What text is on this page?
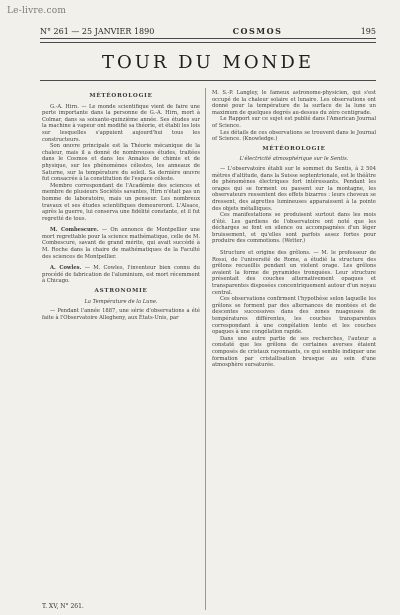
Le-livre.com
N° 261 — 25 JANVIER 1890	COSMOS	195
TOUR DU MONDE
MÉTÉOROLOGIE

G.-A. Hirn. — Le monde scientifique vient de faire une perte importante dans la personne de G.-A. Hirn, mort à Colmar, dans sa soixante-quinzième année. Ses études sur la machine à vapeur ont modifié sa théorie, et établi les lois sur lesquelles s'appuient aujourd'hui tous les constructeurs.

Son œuvre principale est la Théorie mécanique de la chaleur, mais il a donné de nombreuses études, traitées dans le Cosmos et dans les Annales de chimie et de physique, sur les phénomènes célestes, les anneaux de Saturne, sur la température du soleil. Sa dernière œuvre fut consacrée à la constitution de l'espace céleste.

Membre correspondant de l'Académie des sciences et membre de plusieurs Sociétés savantes, Hirn n'était pas un homme de laboratoire, mais un penseur. Les nombreux travaux et ses études scientifiques demeureront. L'Alsace, après la guerre, lui conserva une fidélité constante, et il fut regretté de tous.

M. Combescure. — On annonce de Montpellier une mort regrettable pour la science mathématique, celle de M. Combescure, savant de grand mérite, qui avait succédé à M. Roche dans la chaire de mathématiques de la Faculté des sciences de Montpellier.

A. Cowles. — M. Cowles, l'inventeur bien connu du procédé de fabrication de l'aluminium, est mort récemment à Chicago.

ASTRONOMIE
La Température de la Lune.

— Pendant l'année 1887, une série d'observations a été faite à l'Observatoire Allegheny, aux États-Unis, par

M. S.-P. Langley, le fameux astronome-physicien, qui s'est occupé de la chaleur solaire et lunaire. Les observations ont donné pour la température de la surface de la lune un maximum de quelques degrés au-dessus du zéro centigrade.

Le Rapport sur ce sujet est publié dans l'American Journal of Science.

Les détails de ces observations se trouvent dans le Journal of Science. (Knowledge.)

MÉTÉOROLOGIE
L'électricité atmosphérique sur le Sentis.

— L'observatoire établi sur le sommet du Sentis, à 2 504 mètres d'altitude, dans la Suisse septentrionale, est le théâtre de phénomènes électriques fort intéressants. Pendant les orages qui se forment ou passent sur la montagne, les observateurs ressentent des effets bizarres : leurs cheveux se dressent, des aigrettes lumineuses apparaissent à la pointe des objets métalliques.

Ces manifestations se produisent surtout dans les mois d'été. Les gardiens de l'observatoire ont noté que les décharges se font en silence ou accompagnées d'un léger bruissement, et qu'elles sont parfois assez fortes pour produire des commotions. (Wetter.)

Structure et origine des grêlons. — M. le professeur de Rossi, de l'université de Rome, a étudié la structure des grêlons recueillis pendant un violent orage. Les grêlons avaient la forme de pyramides tronquées. Leur structure présentait des couches alternativement opaques et transparentes disposées concentriquement autour d'un noyau central.

Ces observations confirment l'hypothèse selon laquelle les grêlons se forment par des alternances de montées et de descentes successives dans des zones nuageuses de températures différentes, les couches transparentes correspondant à une congélation lente et les couches opaques à une congélation rapide.

Dans une autre partie de ses recherches, l'auteur a constaté que les grêlons de certaines averses étaient composés de cristaux rayonnants, ce qui semble indiquer une formation par cristallisation brusque au sein d'une atmosphère sursaturée.

T. XV, N° 261.
